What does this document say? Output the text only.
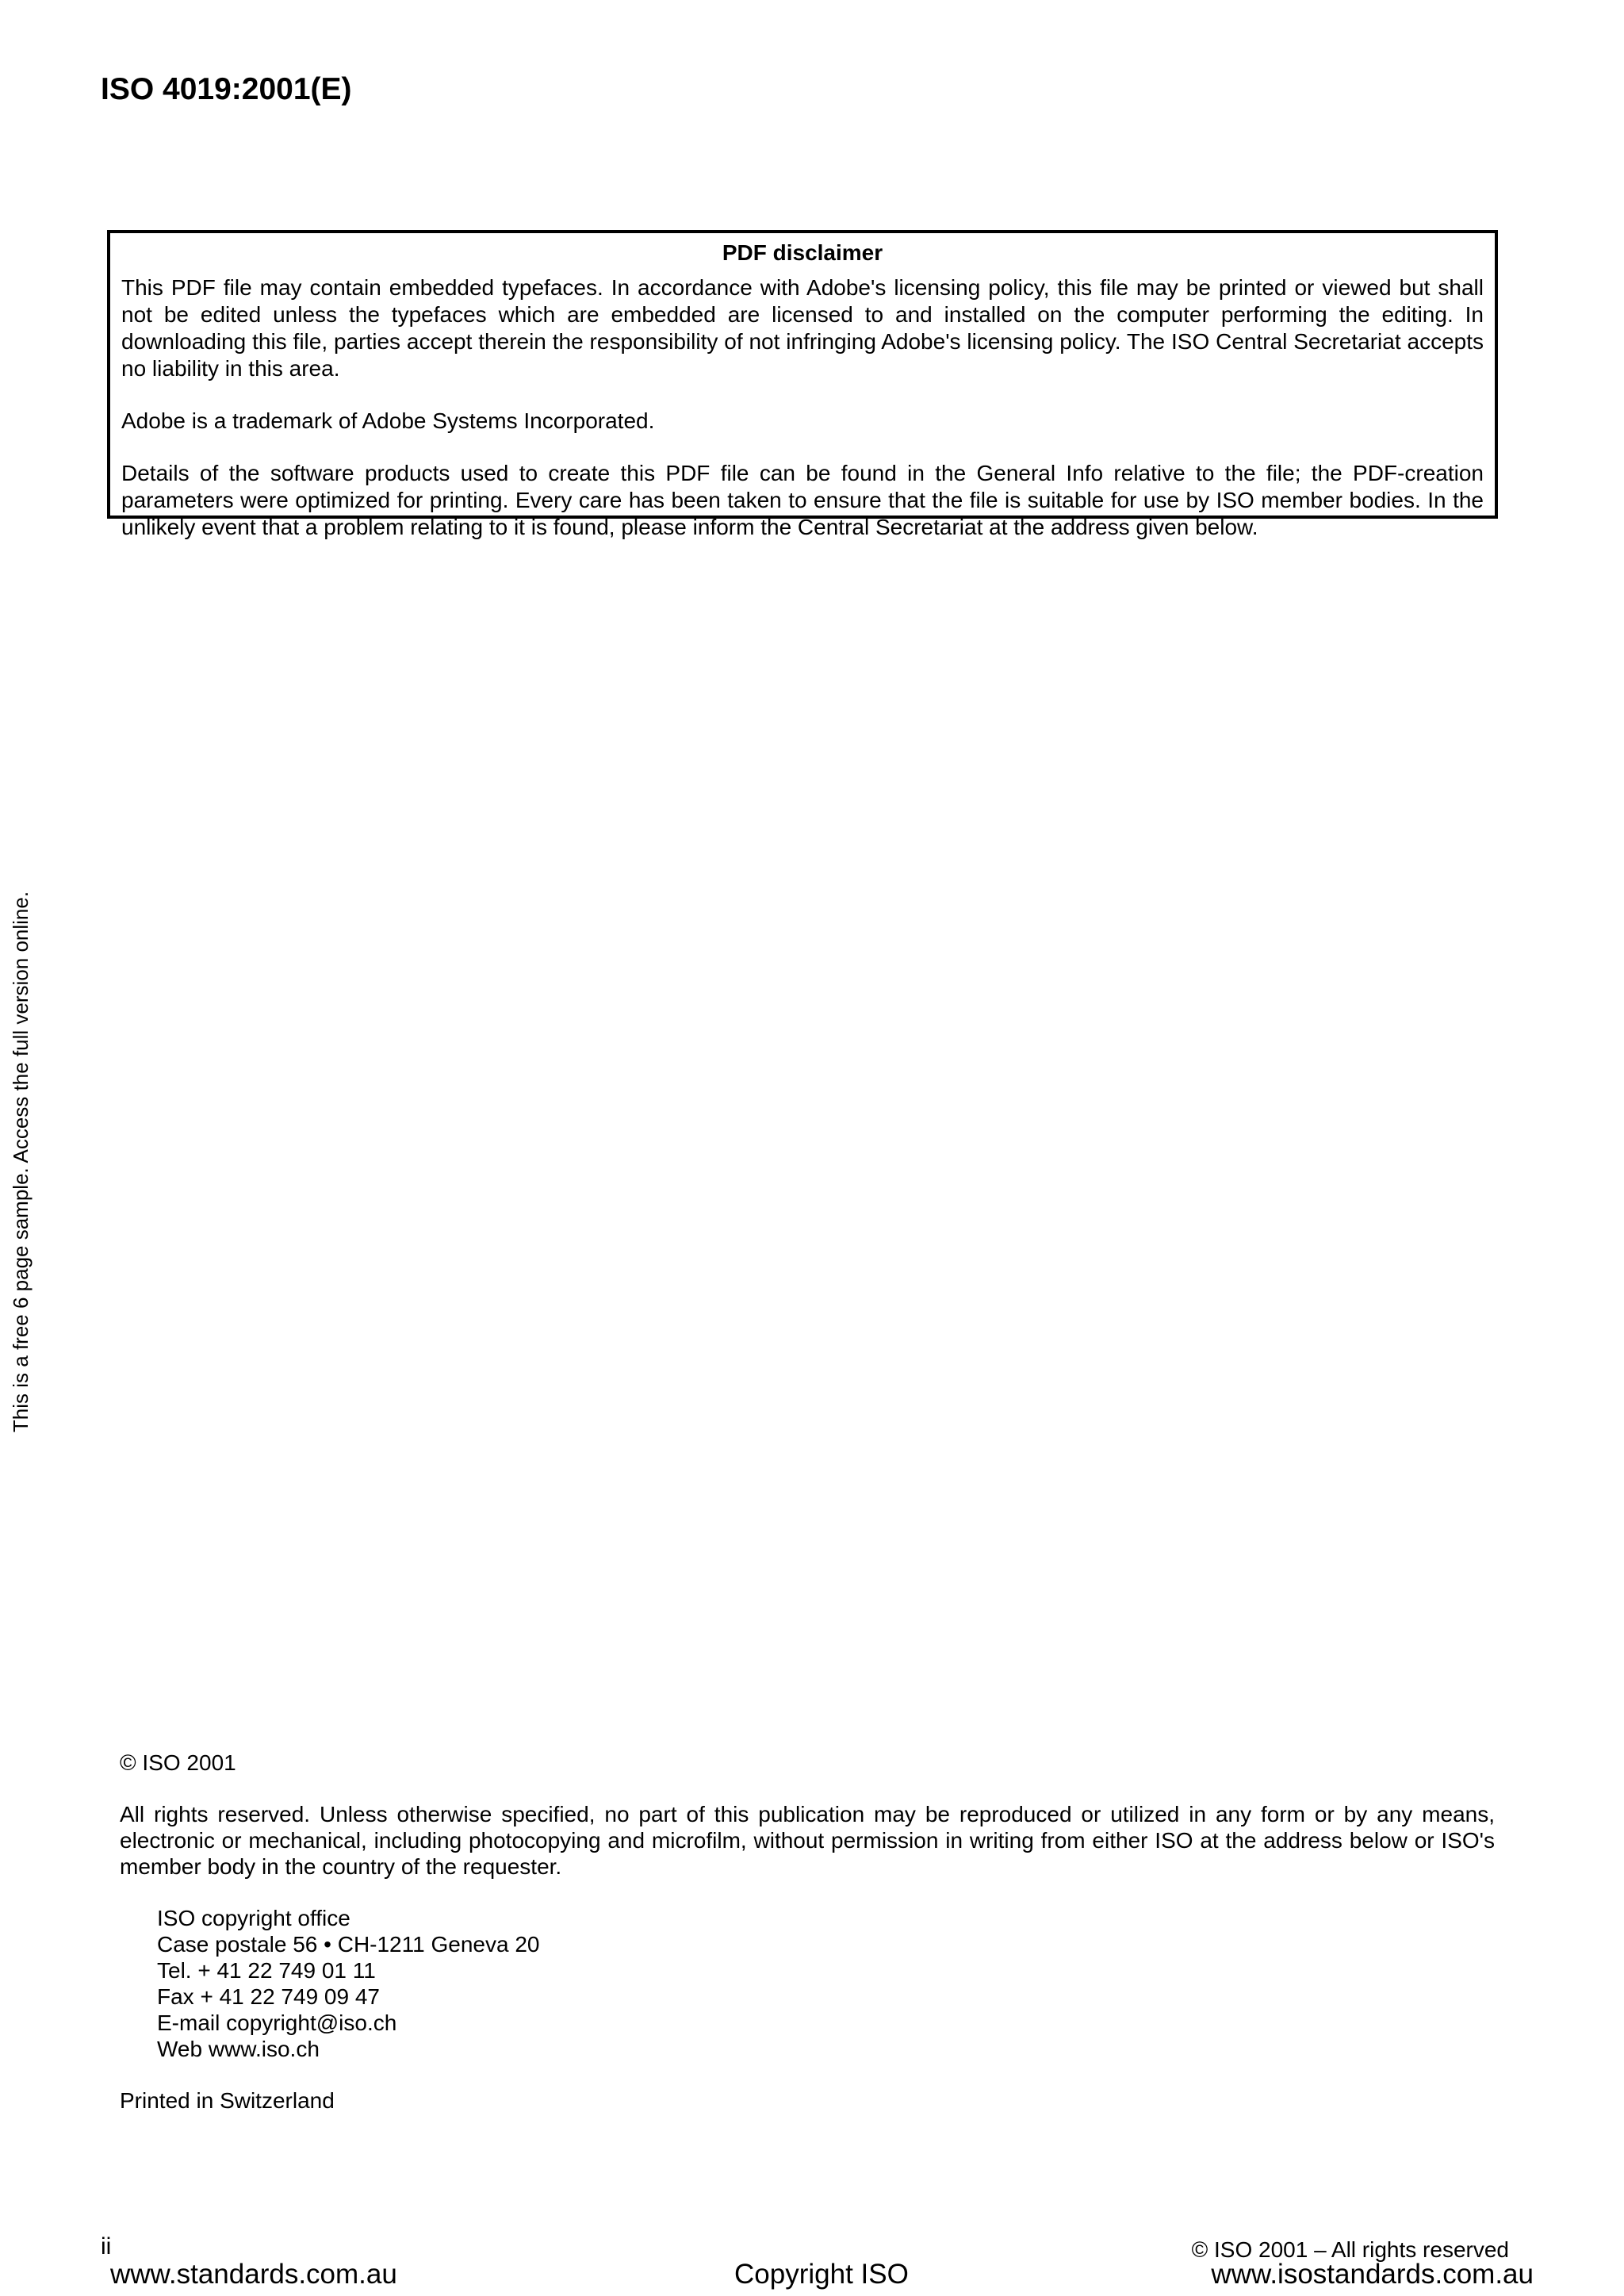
ISO 4019:2001(E)
PDF disclaimer

This PDF file may contain embedded typefaces. In accordance with Adobe's licensing policy, this file may be printed or viewed but shall not be edited unless the typefaces which are embedded are licensed to and installed on the computer performing the editing. In downloading this file, parties accept therein the responsibility of not infringing Adobe's licensing policy. The ISO Central Secretariat accepts no liability in this area.

Adobe is a trademark of Adobe Systems Incorporated.

Details of the software products used to create this PDF file can be found in the General Info relative to the file; the PDF-creation parameters were optimized for printing. Every care has been taken to ensure that the file is suitable for use by ISO member bodies. In the unlikely event that a problem relating to it is found, please inform the Central Secretariat at the address given below.

This is a free 6 page sample. Access the full version online.

© ISO 2001

All rights reserved. Unless otherwise specified, no part of this publication may be reproduced or utilized in any form or by any means, electronic or mechanical, including photocopying and microfilm, without permission in writing from either ISO at the address below or ISO's member body in the country of the requester.

ISO copyright office

Case postale 56 • CH-1211 Geneva 20

Tel. + 41 22 749 01 11

Fax + 41 22 749 09 47

E-mail copyright@iso.ch

Web www.iso.ch

Printed in Switzerland

ii	© ISO 2001 – All rights reserved
www.standards.com.au	Copyright ISO	www.isostandards.com.au
